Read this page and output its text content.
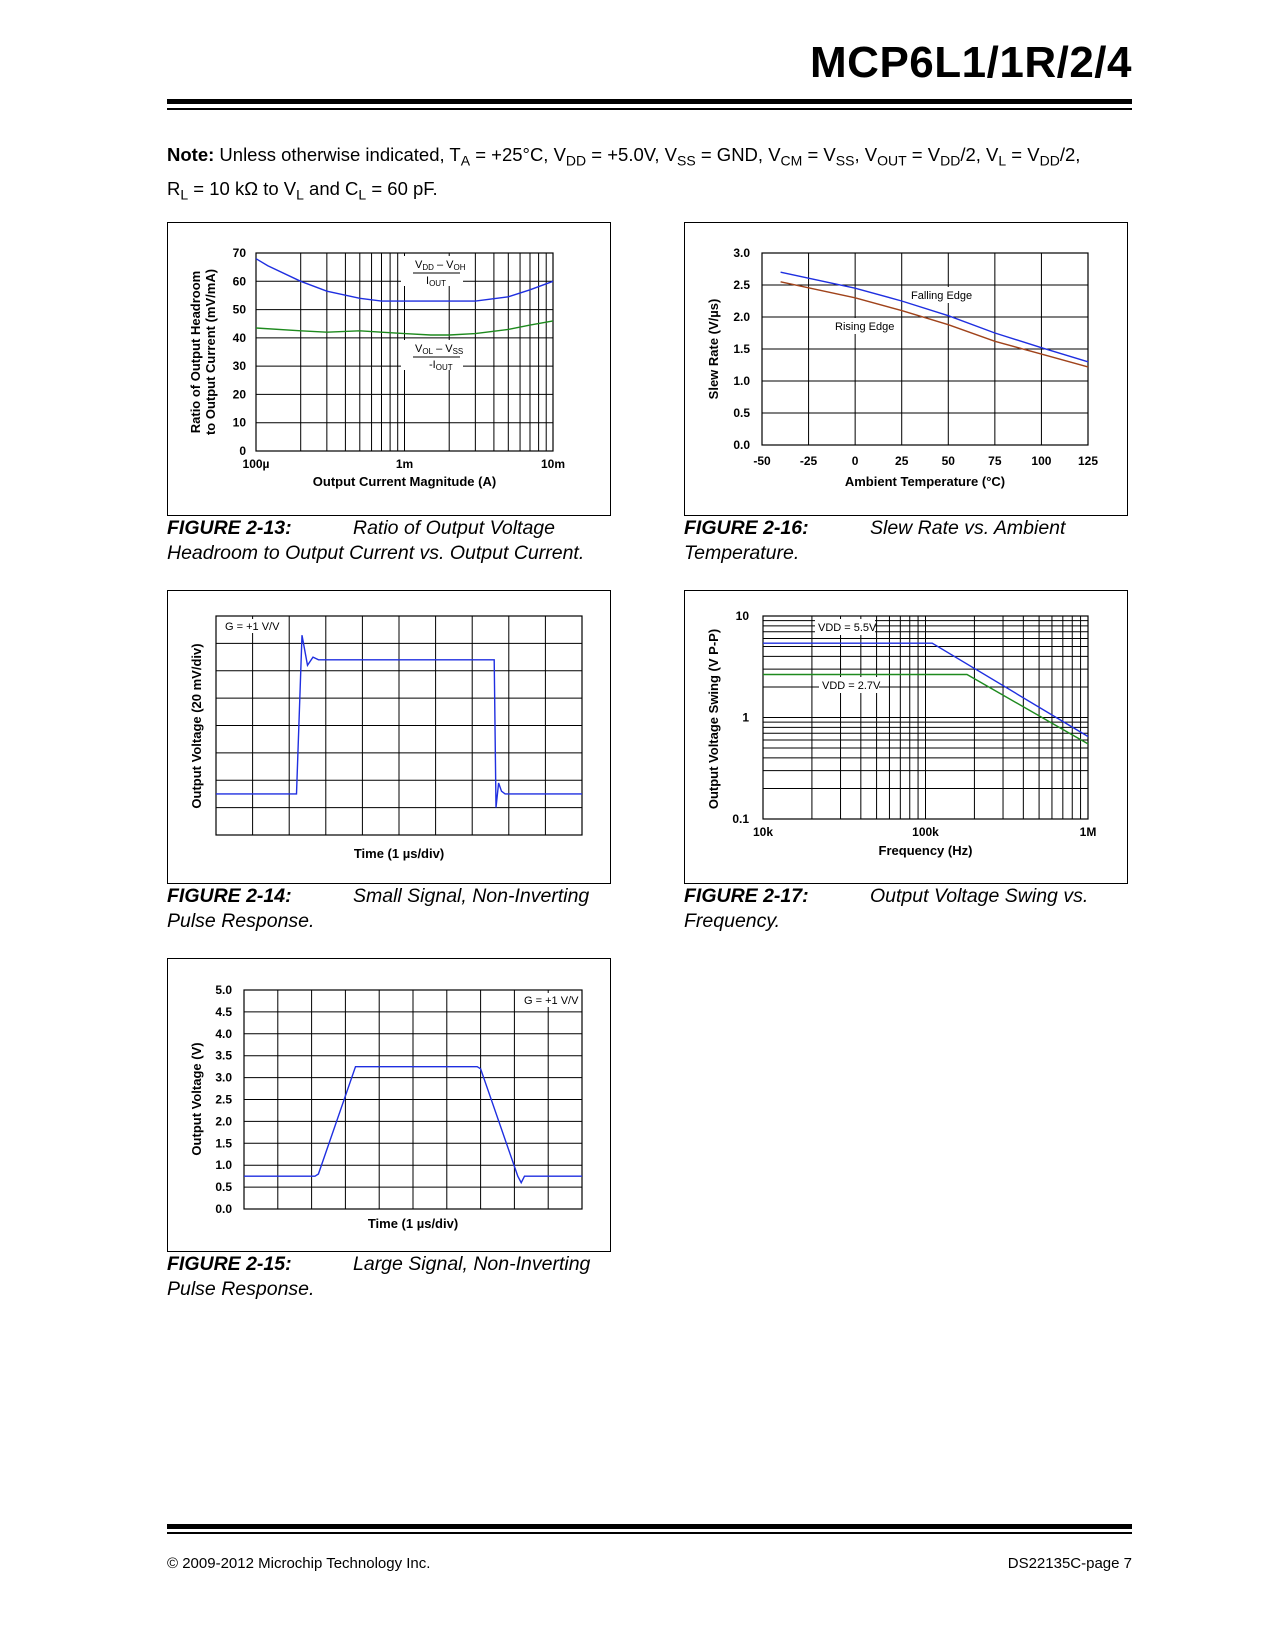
MCP6L1/1R/2/4
Note: Unless otherwise indicated, $T_A = +25^\circ C$, $V_{DD} = +5.0V$, $V_{SS}$ = GND, $V_{CM} = V_{SS}$, $V_{OUT} = V_{DD}/2$, $V_L = V_{DD}/2$,
$R_L = 10$ kΩ to $V_L$ and $C_L = 60$ pF.
0
10
20
30
40
50
60
70
100µ	1m	10m
Output Current Magnitude (A)
Ratio of Output Headroom to Output Current (mV/mA)
VDD – VOH
IOUT
VOL – VSS
-IOUT
FIGURE 2-13:	Ratio of Output Voltage
Headroom to Output Current vs. Output Current.
0.0
0.5
1.0
1.5
2.0
2.5
3.0
-50 -25	0	25	50	75 100 125
Ambient Temperature (°C)
Slew Rate (V/µs)
Falling Edge
Rising Edge
FIGURE 2-16:	Slew Rate vs. Ambient
Temperature.
G = +1 V/V
Time (1 µs/div)
Output Voltage (20 mV/div)
FIGURE 2-14:	Small Signal, Non-Inverting
Pulse Response.
0.1
1
10
10k	100k	1M
Frequency (Hz)
Output Voltage Swing (V P-P)
VDD = 5.5V
VDD = 2.7V
FIGURE 2-17:	Output Voltage Swing vs.
Frequency.
G = +1 V/V
0.0
0.5
1.0
1.5
2.0
2.5
3.0
3.5
4.0
4.5
5.0
Time (1 µs/div)
Output Voltage (V)
FIGURE 2-15:	Large Signal, Non-Inverting
Pulse Response.
© 2009-2012 Microchip Technology Inc.	DS22135C-page 7
